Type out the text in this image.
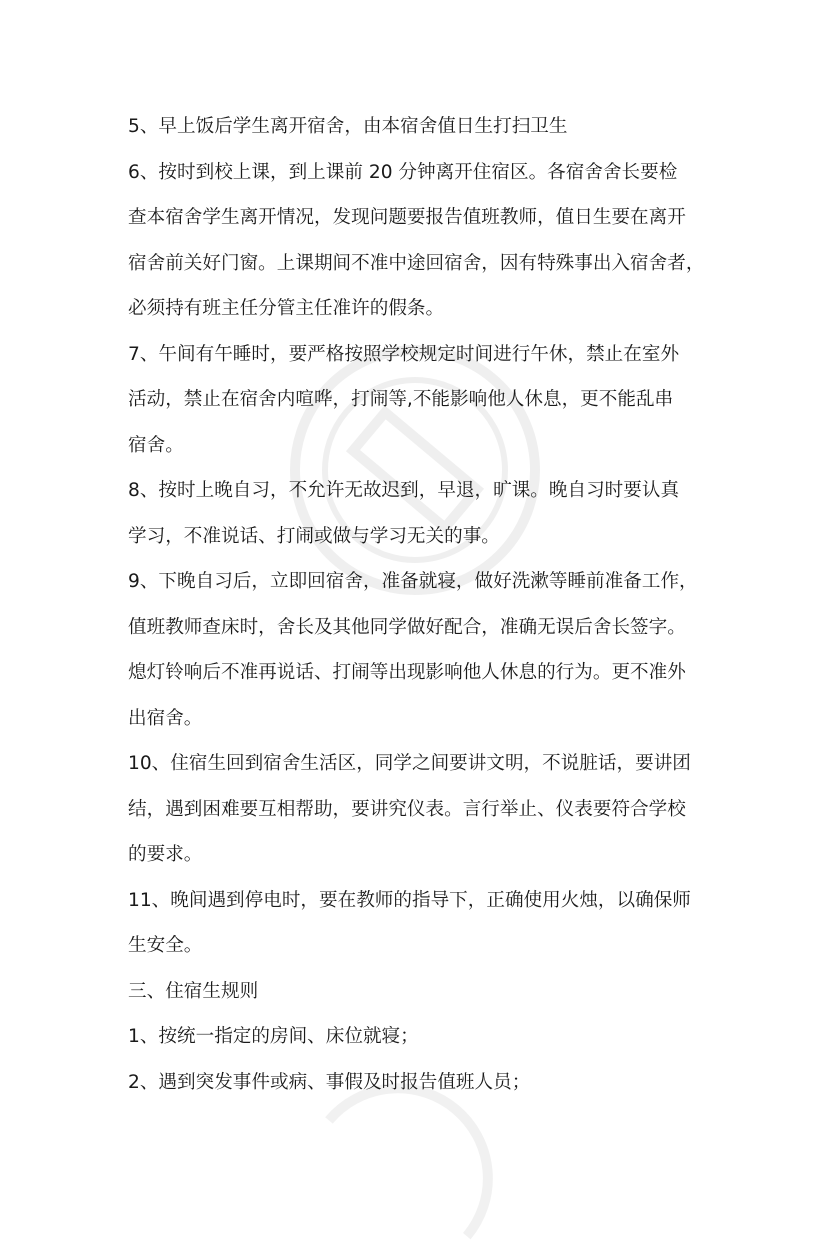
5、早上饭后学生离开宿舍，由本宿舍值日生打扫卫生

6、按时到校上课，到上课前 20 分钟离开住宿区。各宿舍舍长要检
查本宿舍学生离开情况，发现问题要报告值班教师，值日生要在离开
宿舍前关好门窗。上课期间不准中途回宿舍，因有特殊事出入宿舍者，
必须持有班主任分管主任准许的假条。

7、午间有午睡时，要严格按照学校规定时间进行午休，禁止在室外
活动，禁止在宿舍内喧哗，打闹等,不能影响他人休息，更不能乱串
宿舍。

8、按时上晚自习，不允许无故迟到，早退，旷课。晚自习时要认真
学习，不准说话、打闹或做与学习无关的事。

9、下晚自习后，立即回宿舍，准备就寝，做好洗漱等睡前准备工作，
值班教师查床时，舍长及其他同学做好配合，准确无误后舍长签字。
熄灯铃响后不准再说话、打闹等出现影响他人休息的行为。更不准外
出宿舍。

10、住宿生回到宿舍生活区，同学之间要讲文明，不说脏话，要讲团
结，遇到困难要互相帮助，要讲究仪表。言行举止、仪表要符合学校
的要求。

11、晚间遇到停电时，要在教师的指导下，正确使用火烛，以确保师
生安全。

三、住宿生规则

1、按统一指定的房间、床位就寝；

2、遇到突发事件或病、事假及时报告值班人员；
